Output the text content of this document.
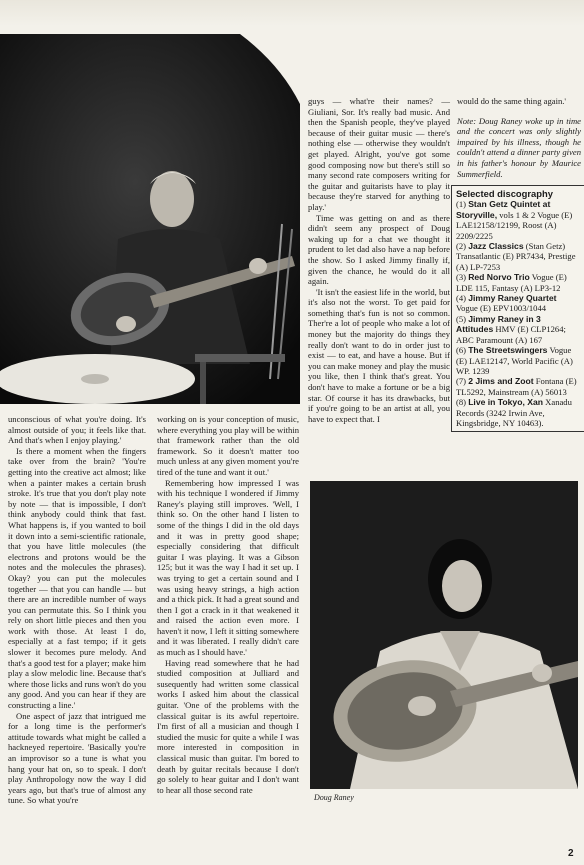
guys — what're their names? — Giuliani, Sor. It's really bad music. And then the Spanish people, they've played because of their guitar music — there's nothing else — otherwise they wouldn't get played. Alright, you've got some good composing now but there's still so many second rate composers writing for the guitar and guitarists have to play it because they're starved for anything to play.'

Time was getting on and as there didn't seem any prospect of Doug waking up for a chat we thought it prudent to let dad also have a nap before the show. So I asked Jimmy finally if, given the chance, he would do it all again.

'It isn't the easiest life in the world, but it's also not the worst. To get paid for something that's fun is not so common. Ther're a lot of people who make a lot of money but the majority do things they really don't want to do in order just to exist — to eat, and have a house. But if you can make money and play the music you like, then I think that's great. You don't have to make a fortune or be a big star. Of course it has its drawbacks, but if you're going to be an artist at all, you have to expect that. I

would do the same thing again.'

Note: Doug Raney woke up in time and the concert was only slightly impaired by his illness, though he couldn't attend a dinner party given in his father's honour by Maurice Summerfield.

Selected discography
(1) Stan Getz Quintet at Storyville, vols 1 & 2 Vogue (E) LAE12158/12199, Roost (A) 2209/2225
(2) Jazz Classics (Stan Getz) Transatlantic (E) PR7434, Prestige (A) LP-7253
(3) Red Norvo Trio Vogue (E) LDE 115, Fantasy (A) LP3-12
(4) Jimmy Raney Quartet Vogue (E) EPV1003/1044
(5) Jimmy Raney in 3 Attitudes HMV (E) CLP1264; ABC Paramount (A) 167
(6) The Streetswingers Vogue (E) LAE12147, World Pacific (A) WP. 1239
(7) 2 Jims and Zoot Fontana (E) TL5292, Mainstream (A) 56013
(8) Live in Tokyo, Xan Xanadu Records (3242 Irwin Ave, Kingsbridge, NY 10463).

unconscious of what you're doing. It's almost outside of you; it feels like that. And that's when I enjoy playing.'

Is there a moment when the fingers take over from the brain? 'You're getting into the creative act almost; like when a painter makes a certain brush stroke. It's true that you don't play note by note — that is impossible, I don't think anybody could think that fast. What happens is, if you wanted to boil it down into a semi-scientific rationale, that you have little molecules (the electrons and protons would be the notes and the molecules the phrases). Okay? you can put the molecules together — that you can handle — but there are an incredible number of ways you can permutate this. So I think you rely on short little pieces and then you work with those. At least I do, especially at a fast tempo; if it gets slower it becomes pure melody. And that's a good test for a player; make him play a slow melodic line. Because that's where those licks and runs won't do you any good. And you can hear if they are constructing a line.'

One aspect of jazz that intrigued me for a long time is the performer's attitude towards what might be called a hackneyed repertoire. 'Basically you're an improvisor so a tune is what you hang your hat on, so to speak. I don't play Anthropology now the way I did years ago, but that's true of almost any tune. So what you're

working on is your conception of music, where everything you play will be within that framework rather than the old framework. So it doesn't matter too much unless at any given moment you're tired of the tune and want it out.'

Remembering how impressed I was with his technique I wondered if Jimmy Raney's playing still improves. 'Well, I think so. On the other hand I listen to some of the things I did in the old days and it was in pretty good shape; especially considering that difficult guitar I was playing. It was a Gibson 125; but it was the way I had it set up. I was trying to get a certain sound and I was using heavy strings, a high action and a thick pick. It had a great sound and then I got a crack in it that weakened it and raised the action even more. I haven't it now, I left it sitting somewhere and it was liberated. I really didn't care as much as I should have.'

Having read somewhere that he had studied composition at Julliard and susequently had written some classical works I asked him about the classical guitar. 'One of the problems with the classical guitar is its awful repertoire. I'm first of all a musician and though I studied the music for quite a while I was more interested in composition in classical music than guitar. I'm bored to death by guitar recitals because I don't go solely to hear guitar and I don't want to hear all those second rate

Doug Raney
2
